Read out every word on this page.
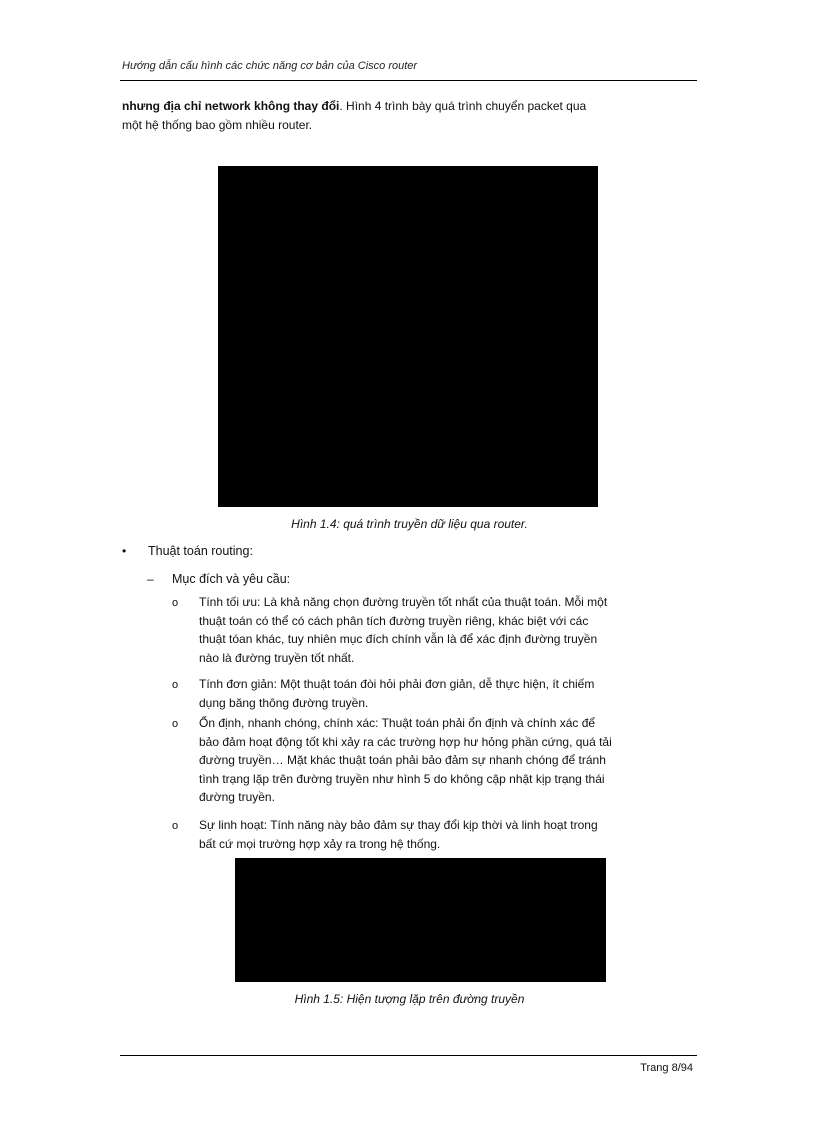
Hướng dẫn cấu hình các chức năng cơ bản của Cisco router
nhưng địa chỉ network không thay đổi. Hình 4 trình bày quá trình chuyển packet qua
một hệ thống bao gồm nhiều router.
Hình 1.4: quá trình truyền dữ liệu qua router.
• Thuật toán routing:
– Mục đích và yêu cầu:
o Tính tối ưu: Là khả năng chọn đường truyền tốt nhất của thuật toán. Mỗi một
thuật toán có thể có cách phân tích đường truyền riêng, khác biệt với các
thuật tóan khác, tuy nhiên mục đích chính vẫn là để xác định đường truyền
nào là đường truyền tốt nhất.
o Tính đơn giản: Một thuật toán đòi hỏi phải đơn giản, dễ thực hiện, ít chiếm
dụng băng thông đường truyền.
o Ổn định, nhanh chóng, chính xác: Thuật toán phải ổn định và chính xác để
bảo đảm hoạt động tốt khi xảy ra các trường hợp hư hỏng phần cứng, quá tải
đường truyền… Mặt khác thuật toán phải bảo đảm sự nhanh chóng để tránh
tình trạng lặp trên đường truyền như hình 5 do không cập nhật kịp trạng thái
đường truyền.
o Sự linh hoạt: Tính năng này bảo đảm sự thay đổi kịp thời và linh hoạt trong
bất cứ mọi trường hợp xảy ra trong hệ thống.
Hình 1.5: Hiện tượng lặp trên đường truyền
Trang 8/94
